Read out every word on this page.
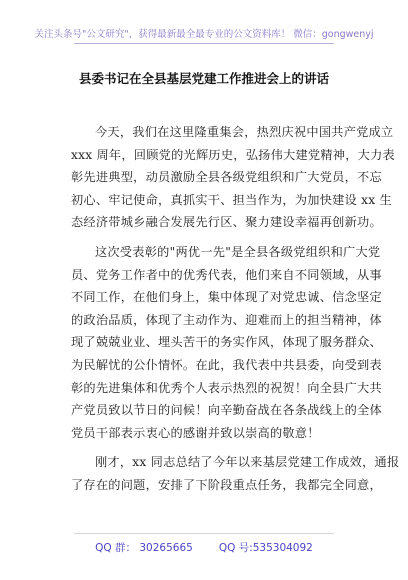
关注头条号"公文研究"，获得最新最全最专业的公文资料库！ 微信：gongwenyj
县委书记在全县基层党建工作推进会上的讲话

今天，我们在这里隆重集会，热烈庆祝中国共产党成立
xxx 周年，回顾党的光辉历史，弘扬伟大建党精神，大力表
彰先进典型，动员激励全县各级党组织和广大党员，不忘
初心、牢记使命，真抓实干、担当作为，为加快建设 xx 生
态经济带城乡融合发展先行区、聚力建设幸福再创新功。

这次受表彰的"两优一先"是全县各级党组织和广大党
员、党务工作者中的优秀代表，他们来自不同领域，从事
不同工作，在他们身上，集中体现了对党忠诚、信念坚定
的政治品质，体现了主动作为、迎难而上的担当精神，体
现了兢兢业业、埋头苦干的务实作风，体现了服务群众、
为民解忧的公仆情怀。在此，我代表中共县委，向受到表
彰的先进集体和优秀个人表示热烈的祝贺！向全县广大共
产党员致以节日的问候！向辛勤奋战在各条战线上的全体
党员干部表示衷心的感谢并致以崇高的敬意！

刚才，xx 同志总结了今年以来基层党建工作成效，通报
了存在的问题，安排了下阶段重点任务，我都完全同意，

QQ 群： 30265665 QQ 号:535304092
